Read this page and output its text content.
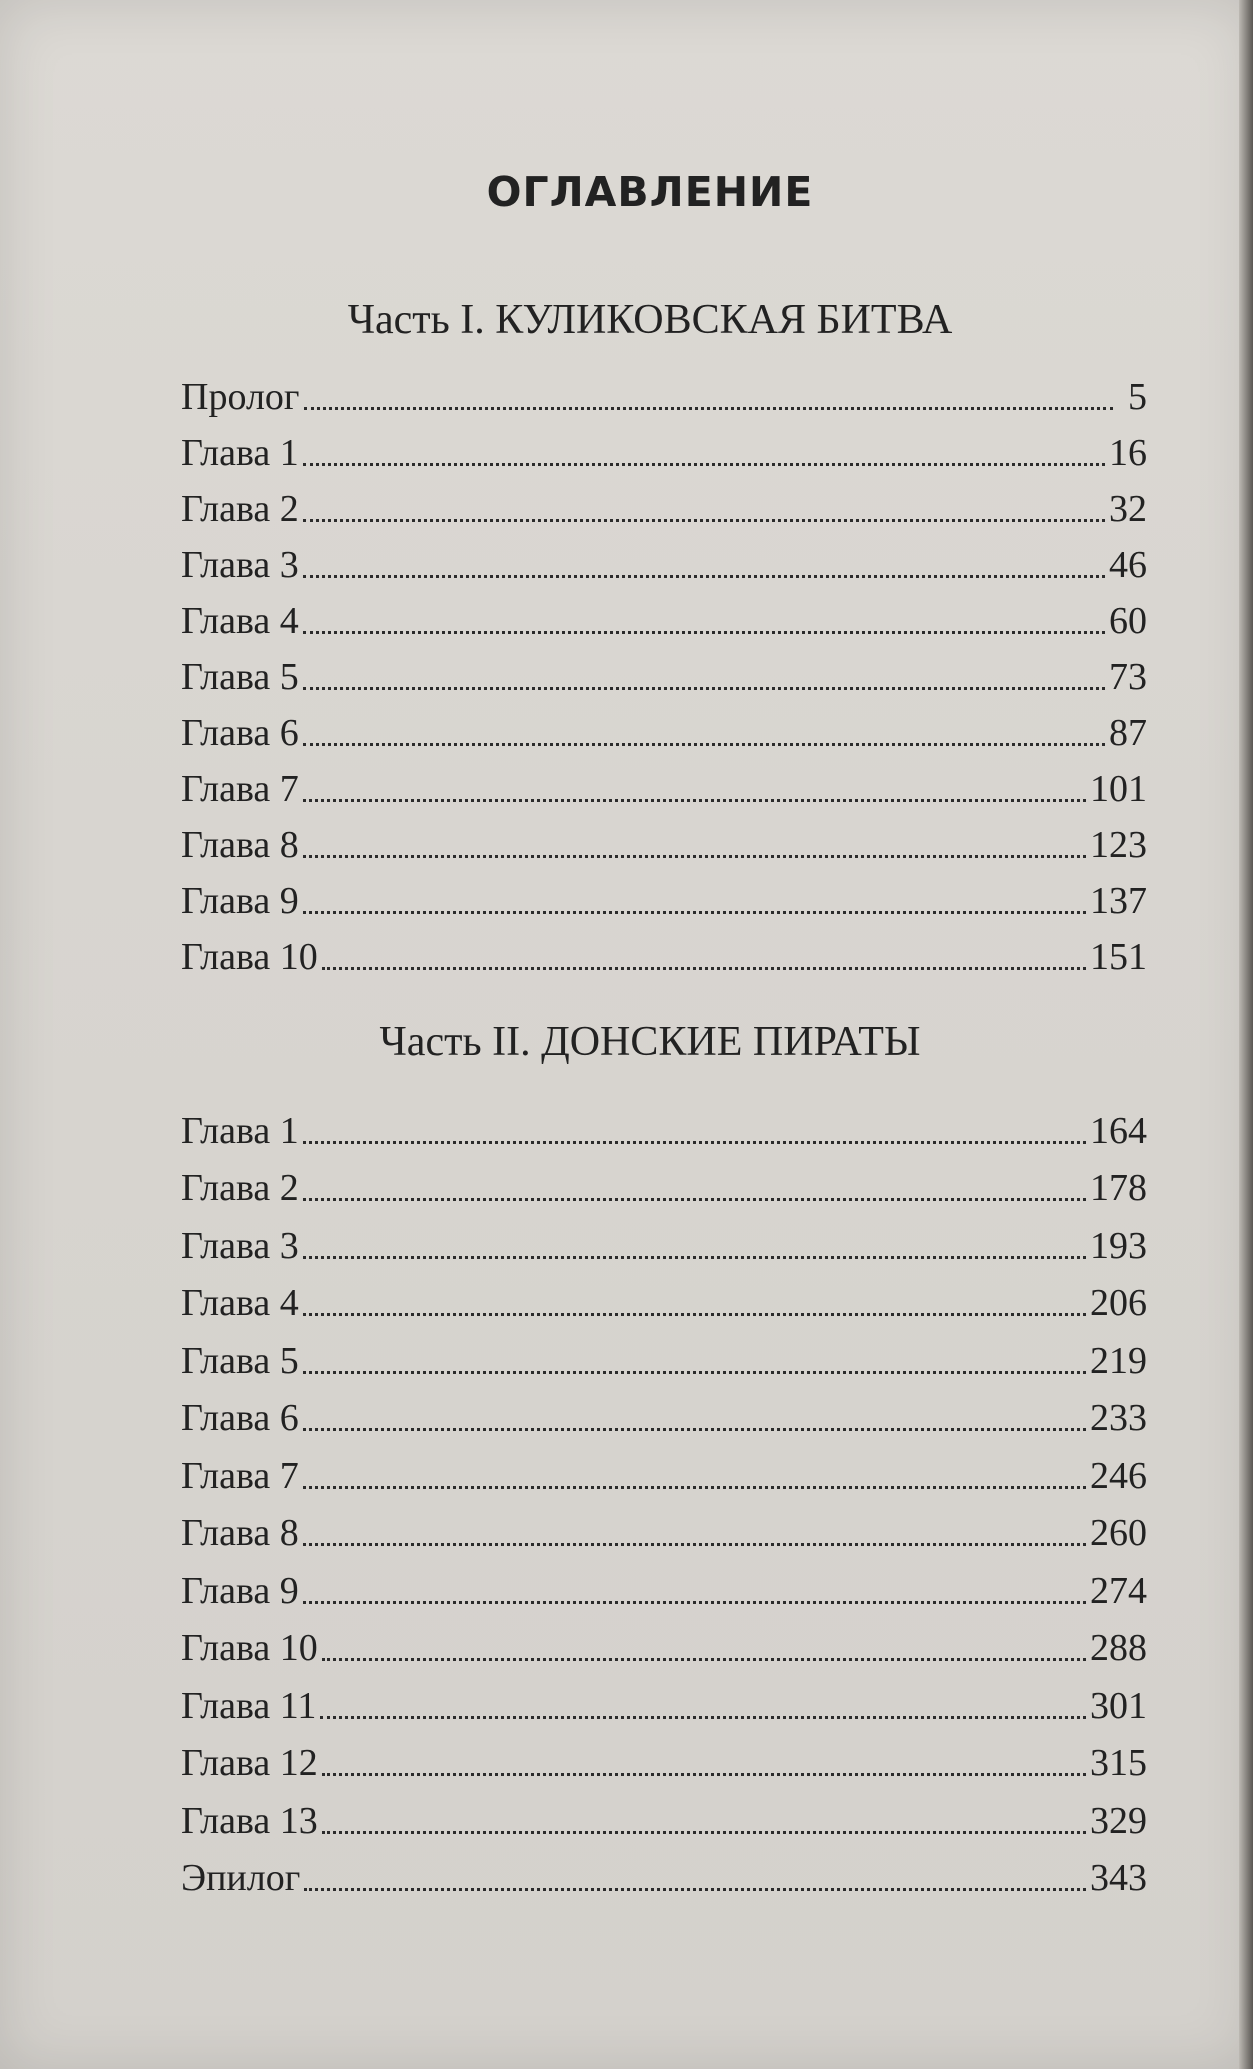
ОГЛАВЛЕНИЕ
Часть I. КУЛИКОВСКАЯ БИТВА
Пролог	5
Глава 1	16
Глава 2	32
Глава 3	46
Глава 4	60
Глава 5	73
Глава 6	87
Глава 7	101
Глава 8	123
Глава 9	137
Глава 10	151
Часть II. ДОНСКИЕ ПИРАТЫ
Глава 1	164
Глава 2	178
Глава 3	193
Глава 4	206
Глава 5	219
Глава 6	233
Глава 7	246
Глава 8	260
Глава 9	274
Глава 10	288
Глава 11	301
Глава 12	315
Глава 13	329
Эпилог	343
